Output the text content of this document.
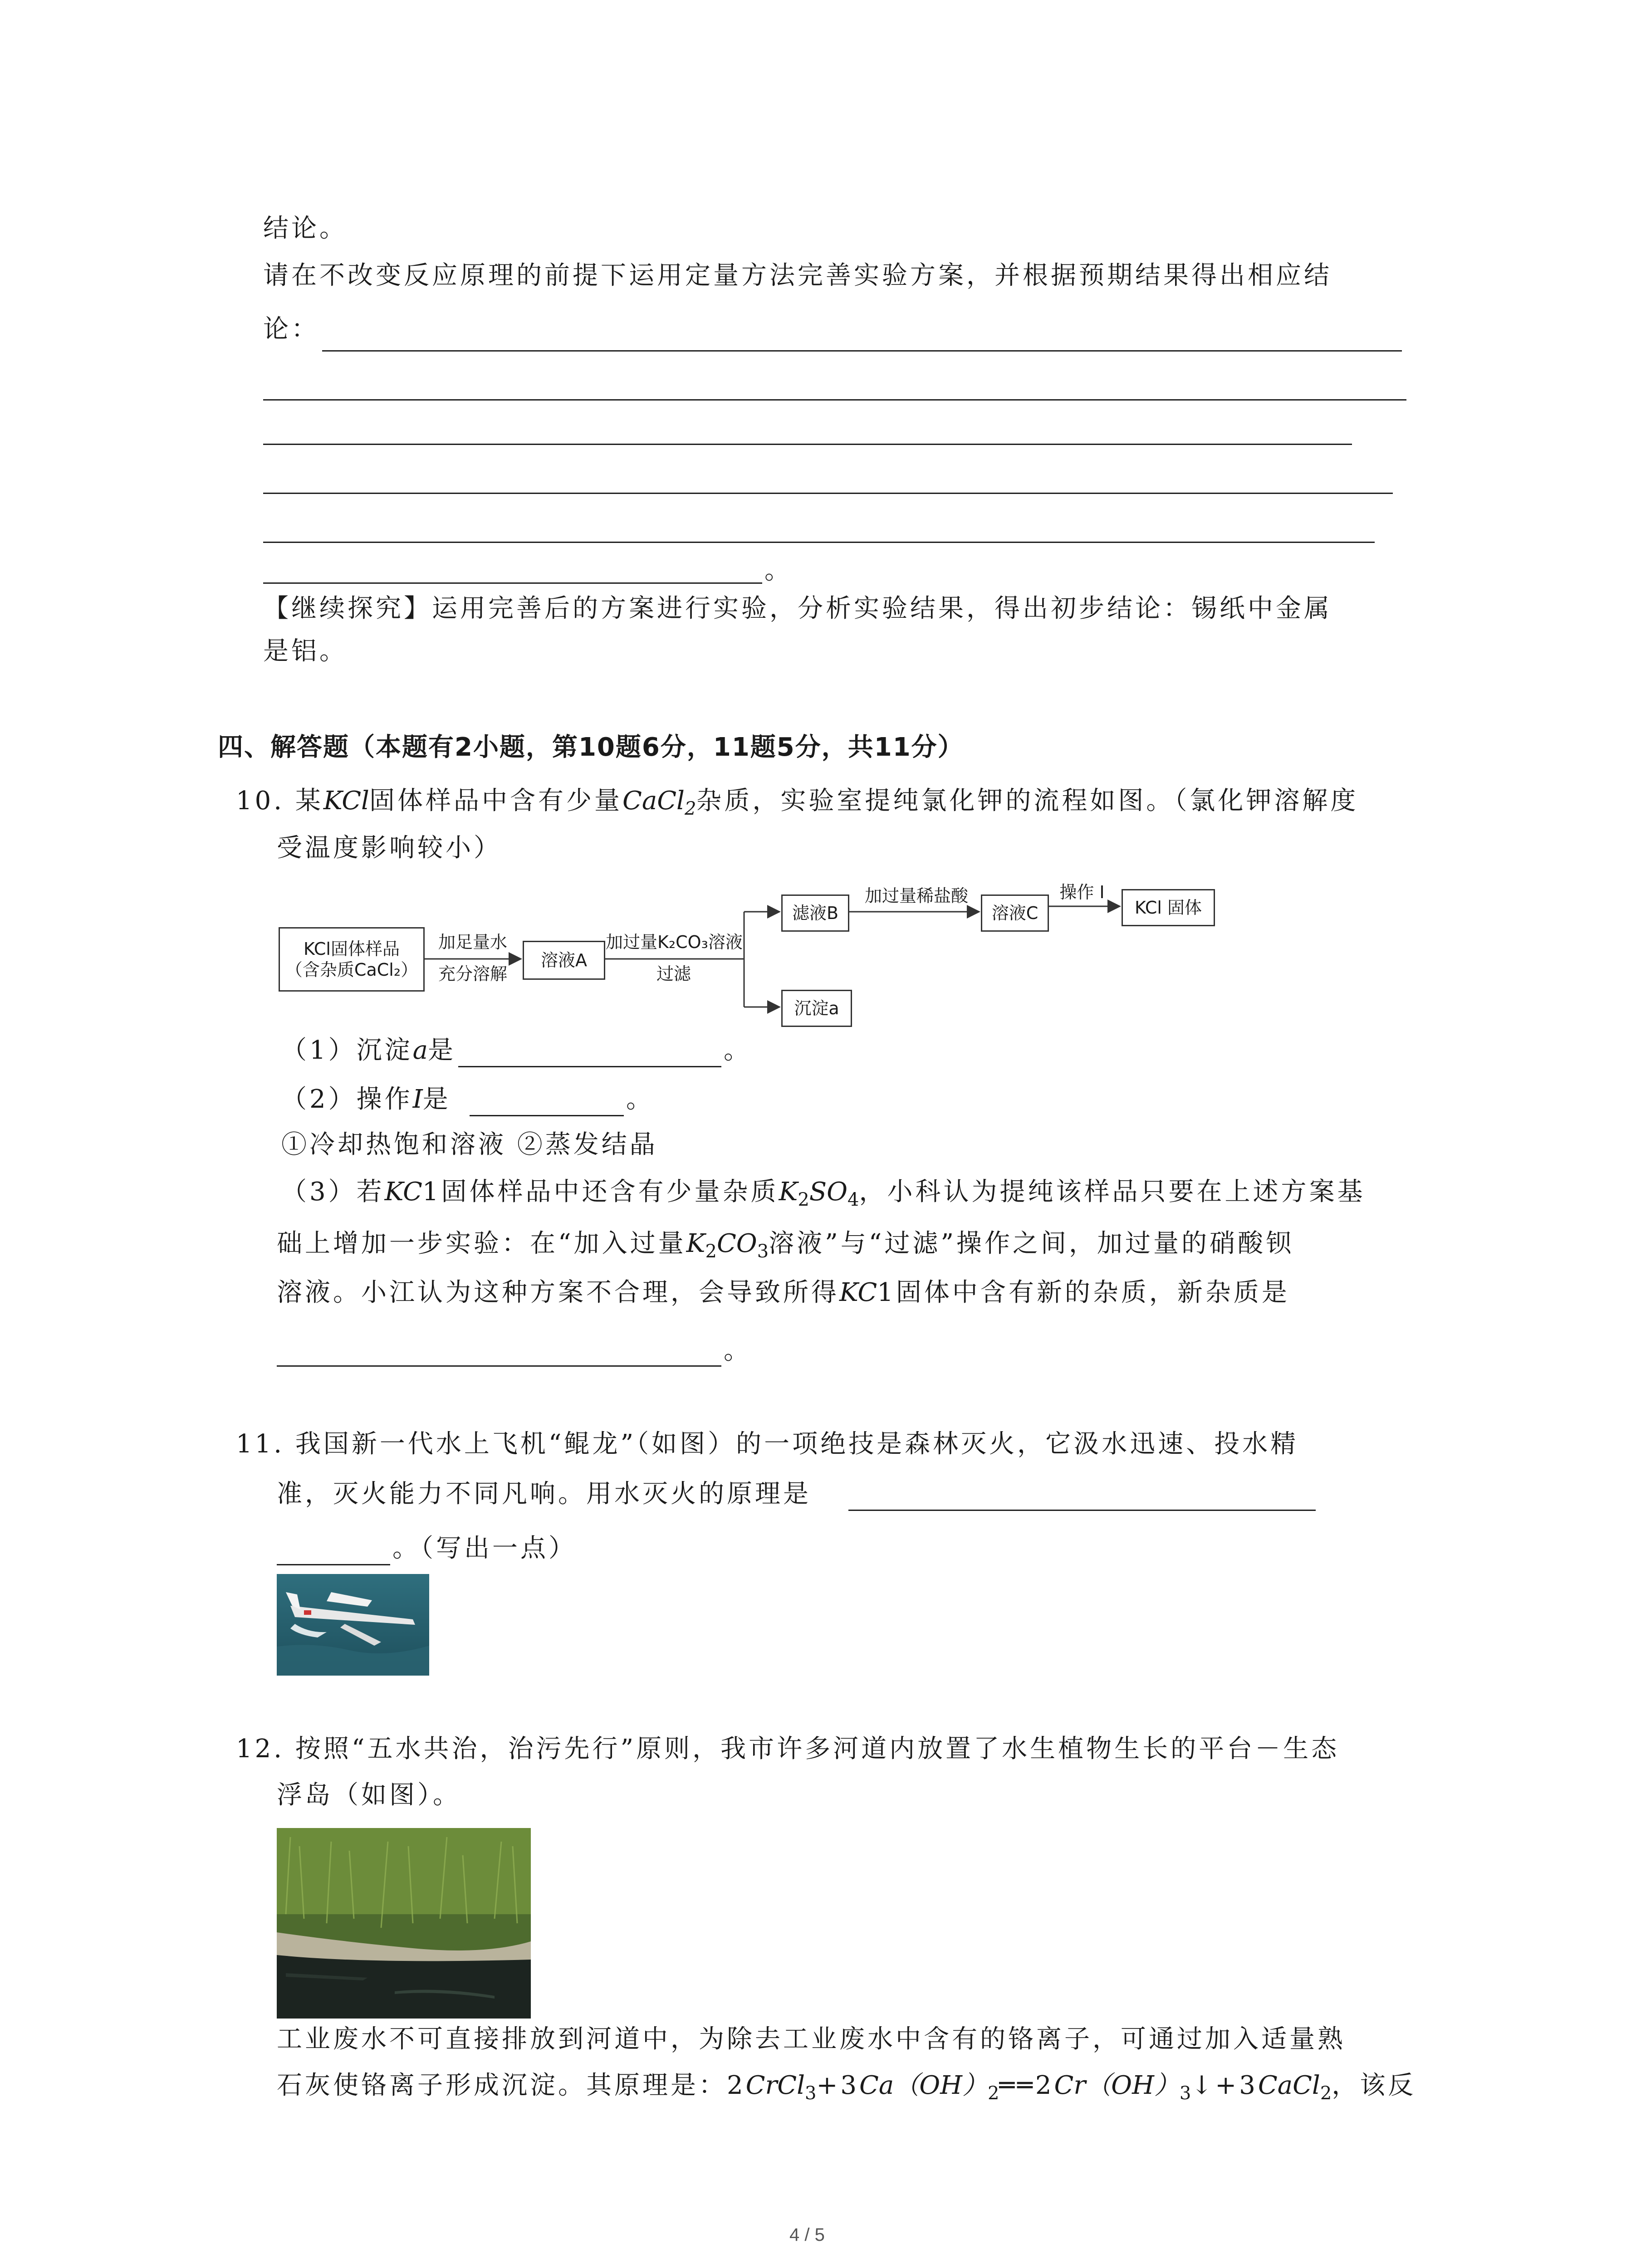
结论。
请在不改变反应原理的前提下运用定量方法完善实验方案，并根据预期结果得出相应结
论：
。
【继续探究】运用完善后的方案进行实验，分析实验结果，得出初步结论：锡纸中金属
是铝。
四、解答题（本题有2小题，第10题6分，11题5分，共11分）
10. 某KCl固体样品中含有少量CaCl$_2$杂质，实验室提纯氯化钾的流程如图。（氯化钾溶解度
受温度影响较小）
KCl固体样品
（含杂质CaCl₂）
加足量水
充分溶解
溶液A
加过量K₂CO₃溶液
过滤
滤液B
加过量稀盐酸
溶液C
操作 I
KCl 固体
沉淀a
（1）沉淀a是	。
（2）操作I是	。
①冷却热饱和溶液 ②蒸发结晶
（3）若KC1固体样品中还含有少量杂质$K_2SO_4$，小科认为提纯该样品只要在上述方案基
础上增加一步实验：在“加入过量$K_2CO_3$溶液”与“过滤”操作之间，加过量的硝酸钡
溶液。小江认为这种方案不合理，会导致所得KC1固体中含有新的杂质，新杂质是
。
11. 我国新一代水上飞机“鲲龙”（如图）的一项绝技是森林灭火，它汲水迅速、投水精
准，灭火能力不同凡响。用水灭火的原理是
。（写出一点）
12. 按照“五水共治，治污先行”原则，我市许多河道内放置了水生植物生长的平台－生态
浮岛（如图）。
工业废水不可直接排放到河道中，为除去工业废水中含有的铬离子，可通过加入适量熟
石灰使铬离子形成沉淀。其原理是：$2CrCl_3+3Ca(OH)_2══2Cr(OH)_3↓+3CaCl_2$，该反
4 / 5
